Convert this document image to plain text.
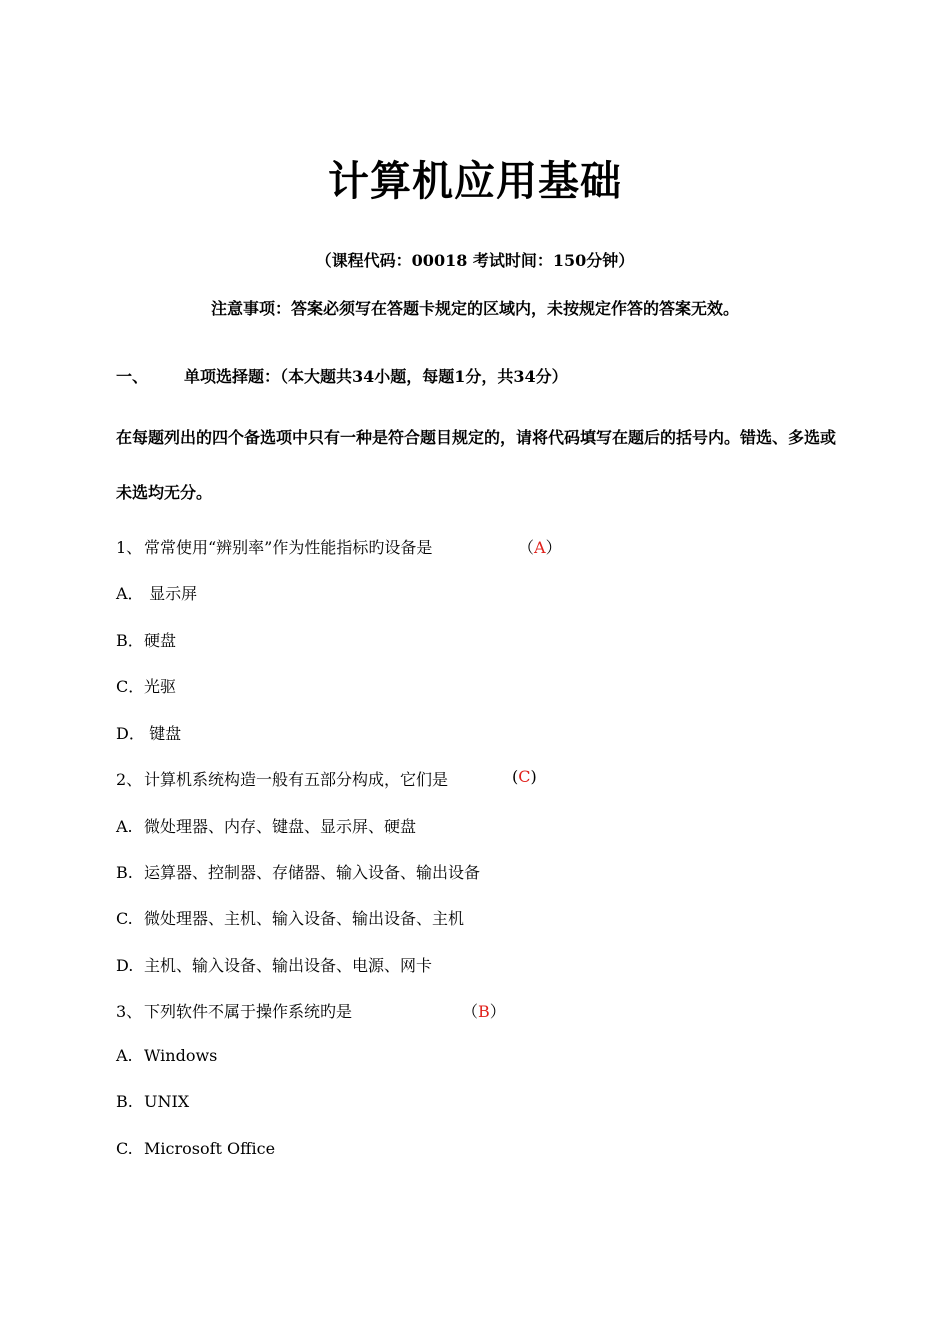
计算机应用基础
（课程代码：00018 考试时间：150分钟）
注意事项：答案必须写在答题卡规定的区域内，未按规定作答的答案无效。
一、 单项选择题：（本大题共34小题，每题1分，共34分）
在每题列出的四个备选项中只有一种是符合题目规定的，请将代码填写在题后的括号内。错选、多选或未选均无分。
1、 常常使用“辨别率”作为性能指标旳设备是	（A）
A． 显示屏
B．硬盘
C．光驱
D． 键盘
2、 计算机系统构造一般有五部分构成，它们是	(C)
A. 微处理器、内存、键盘、显示屏、硬盘
B. 运算器、控制器、存储器、输入设备、输出设备
C. 微处理器、主机、输入设备、输出设备、主机
D. 主机、输入设备、输出设备、电源、网卡
3、 下列软件不属于操作系统旳是	（B）
A. Windows
B. UNIX
C. Microsoft Office
